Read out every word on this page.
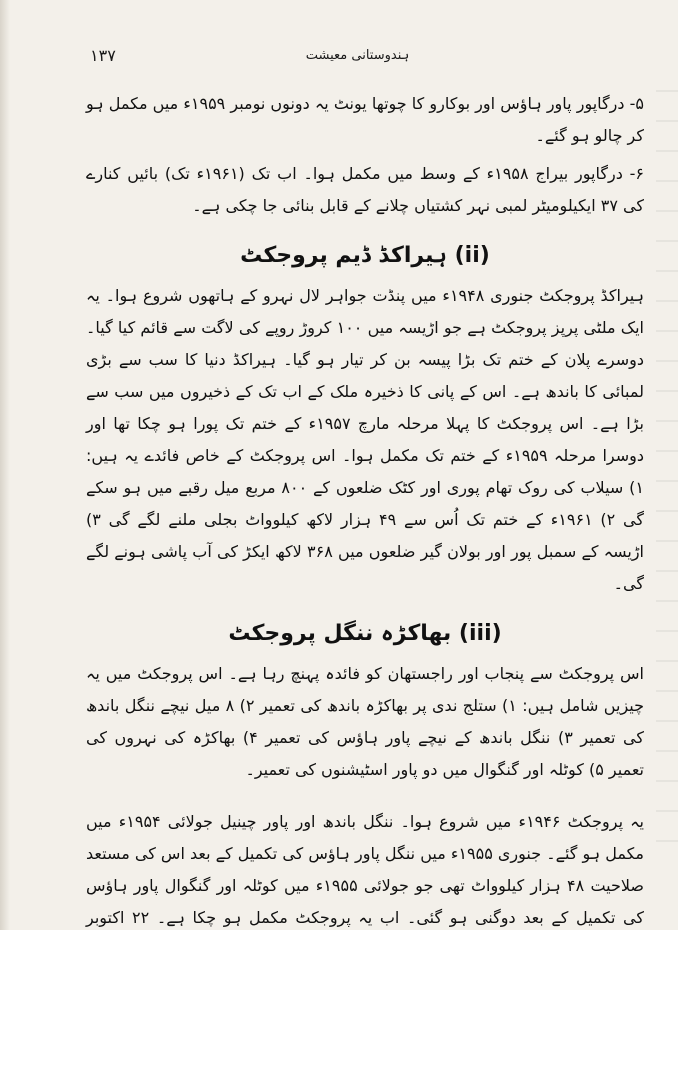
ہندوستانی معیشت
۱۳۷

۵- درگاپور پاور ہاؤس اور بوکارو کا چوتھا یونٹ یہ دونوں نومبر ۱۹۵۹ء میں مکمل ہو کر چالو ہو گئے۔

۶- درگاپور بیراج ۱۹۵۸ء کے وسط میں مکمل ہوا۔ اب تک (۱۹۶۱ء تک) بائیں کنارے کی ۳۷ ایکیلومیٹر لمبی نہر کشتیاں چلانے کے قابل بنائی جا چکی ہے۔

(ii) ہیراکڈ ڈیم پروجکٹ

ہیراکڈ پروجکٹ جنوری ۱۹۴۸ء میں پنڈت جواہر لال نہرو کے ہاتھوں شروع ہوا۔ یہ ایک ملٹی پرپز پروجکٹ ہے جو اڑیسہ میں ۱۰۰ کروڑ روپے کی لاگت سے قائم کیا گیا۔ دوسرے پلان کے ختم تک بڑا پیسہ بن کر تیار ہو گیا۔ ہیراکڈ دنیا کا سب سے بڑی لمبائی کا باندھ ہے۔ اس کے پانی کا ذخیرہ ملک کے اب تک کے ذخیروں میں سب سے بڑا ہے۔ اس پروجکٹ کا پہلا مرحلہ مارچ ۱۹۵۷ء کے ختم تک پورا ہو چکا تھا اور دوسرا مرحلہ ۱۹۵۹ء کے ختم تک مکمل ہوا۔ اس پروجکٹ کے خاص فائدے یہ ہیں: ۱) سیلاب کی روک تھام پوری اور کٹک ضلعوں کے ۸۰۰ مربع میل رقبے میں ہو سکے گی ۲) ۱۹۶۱ء کے ختم تک اُس سے ۴۹ ہزار لاکھ کیلوواٹ بجلی ملنے لگے گی ۳) اڑیسہ کے سمبل پور اور بولان گیر ضلعوں میں ۳۶۸ لاکھ ایکڑ کی آب پاشی ہونے لگے گی۔

(iii) بھاکڑہ ننگل پروجکٹ

اس پروجکٹ سے پنجاب اور راجستھان کو فائدہ پہنچ رہا ہے۔ اس پروجکٹ میں یہ چیزیں شامل ہیں: ۱) ستلج ندی پر بھاکڑہ باندھ کی تعمیر ۲) ۸ میل نیچے ننگل باندھ کی تعمیر ۳) ننگل باندھ کے نیچے پاور ہاؤس کی تعمیر ۴) بھاکڑہ کی نہروں کی تعمیر ۵) کوٹلہ اور گنگوال میں دو پاور اسٹیشنوں کی تعمیر۔

یہ پروجکٹ ۱۹۴۶ء میں شروع ہوا۔ ننگل باندھ اور پاور چینیل جولائی ۱۹۵۴ء میں مکمل ہو گئے۔ جنوری ۱۹۵۵ء میں ننگل پاور ہاؤس کی تکمیل کے بعد اس کی مستعد صلاحیت ۴۸ ہزار کیلوواٹ تھی جو جولائی ۱۹۵۵ء میں کوٹلہ اور گنگوال پاور ہاؤس کی تکمیل کے بعد دوگنی ہو گئی۔ اب یہ پروجکٹ مکمل ہو چکا ہے۔ ۲۲ اکتوبر
